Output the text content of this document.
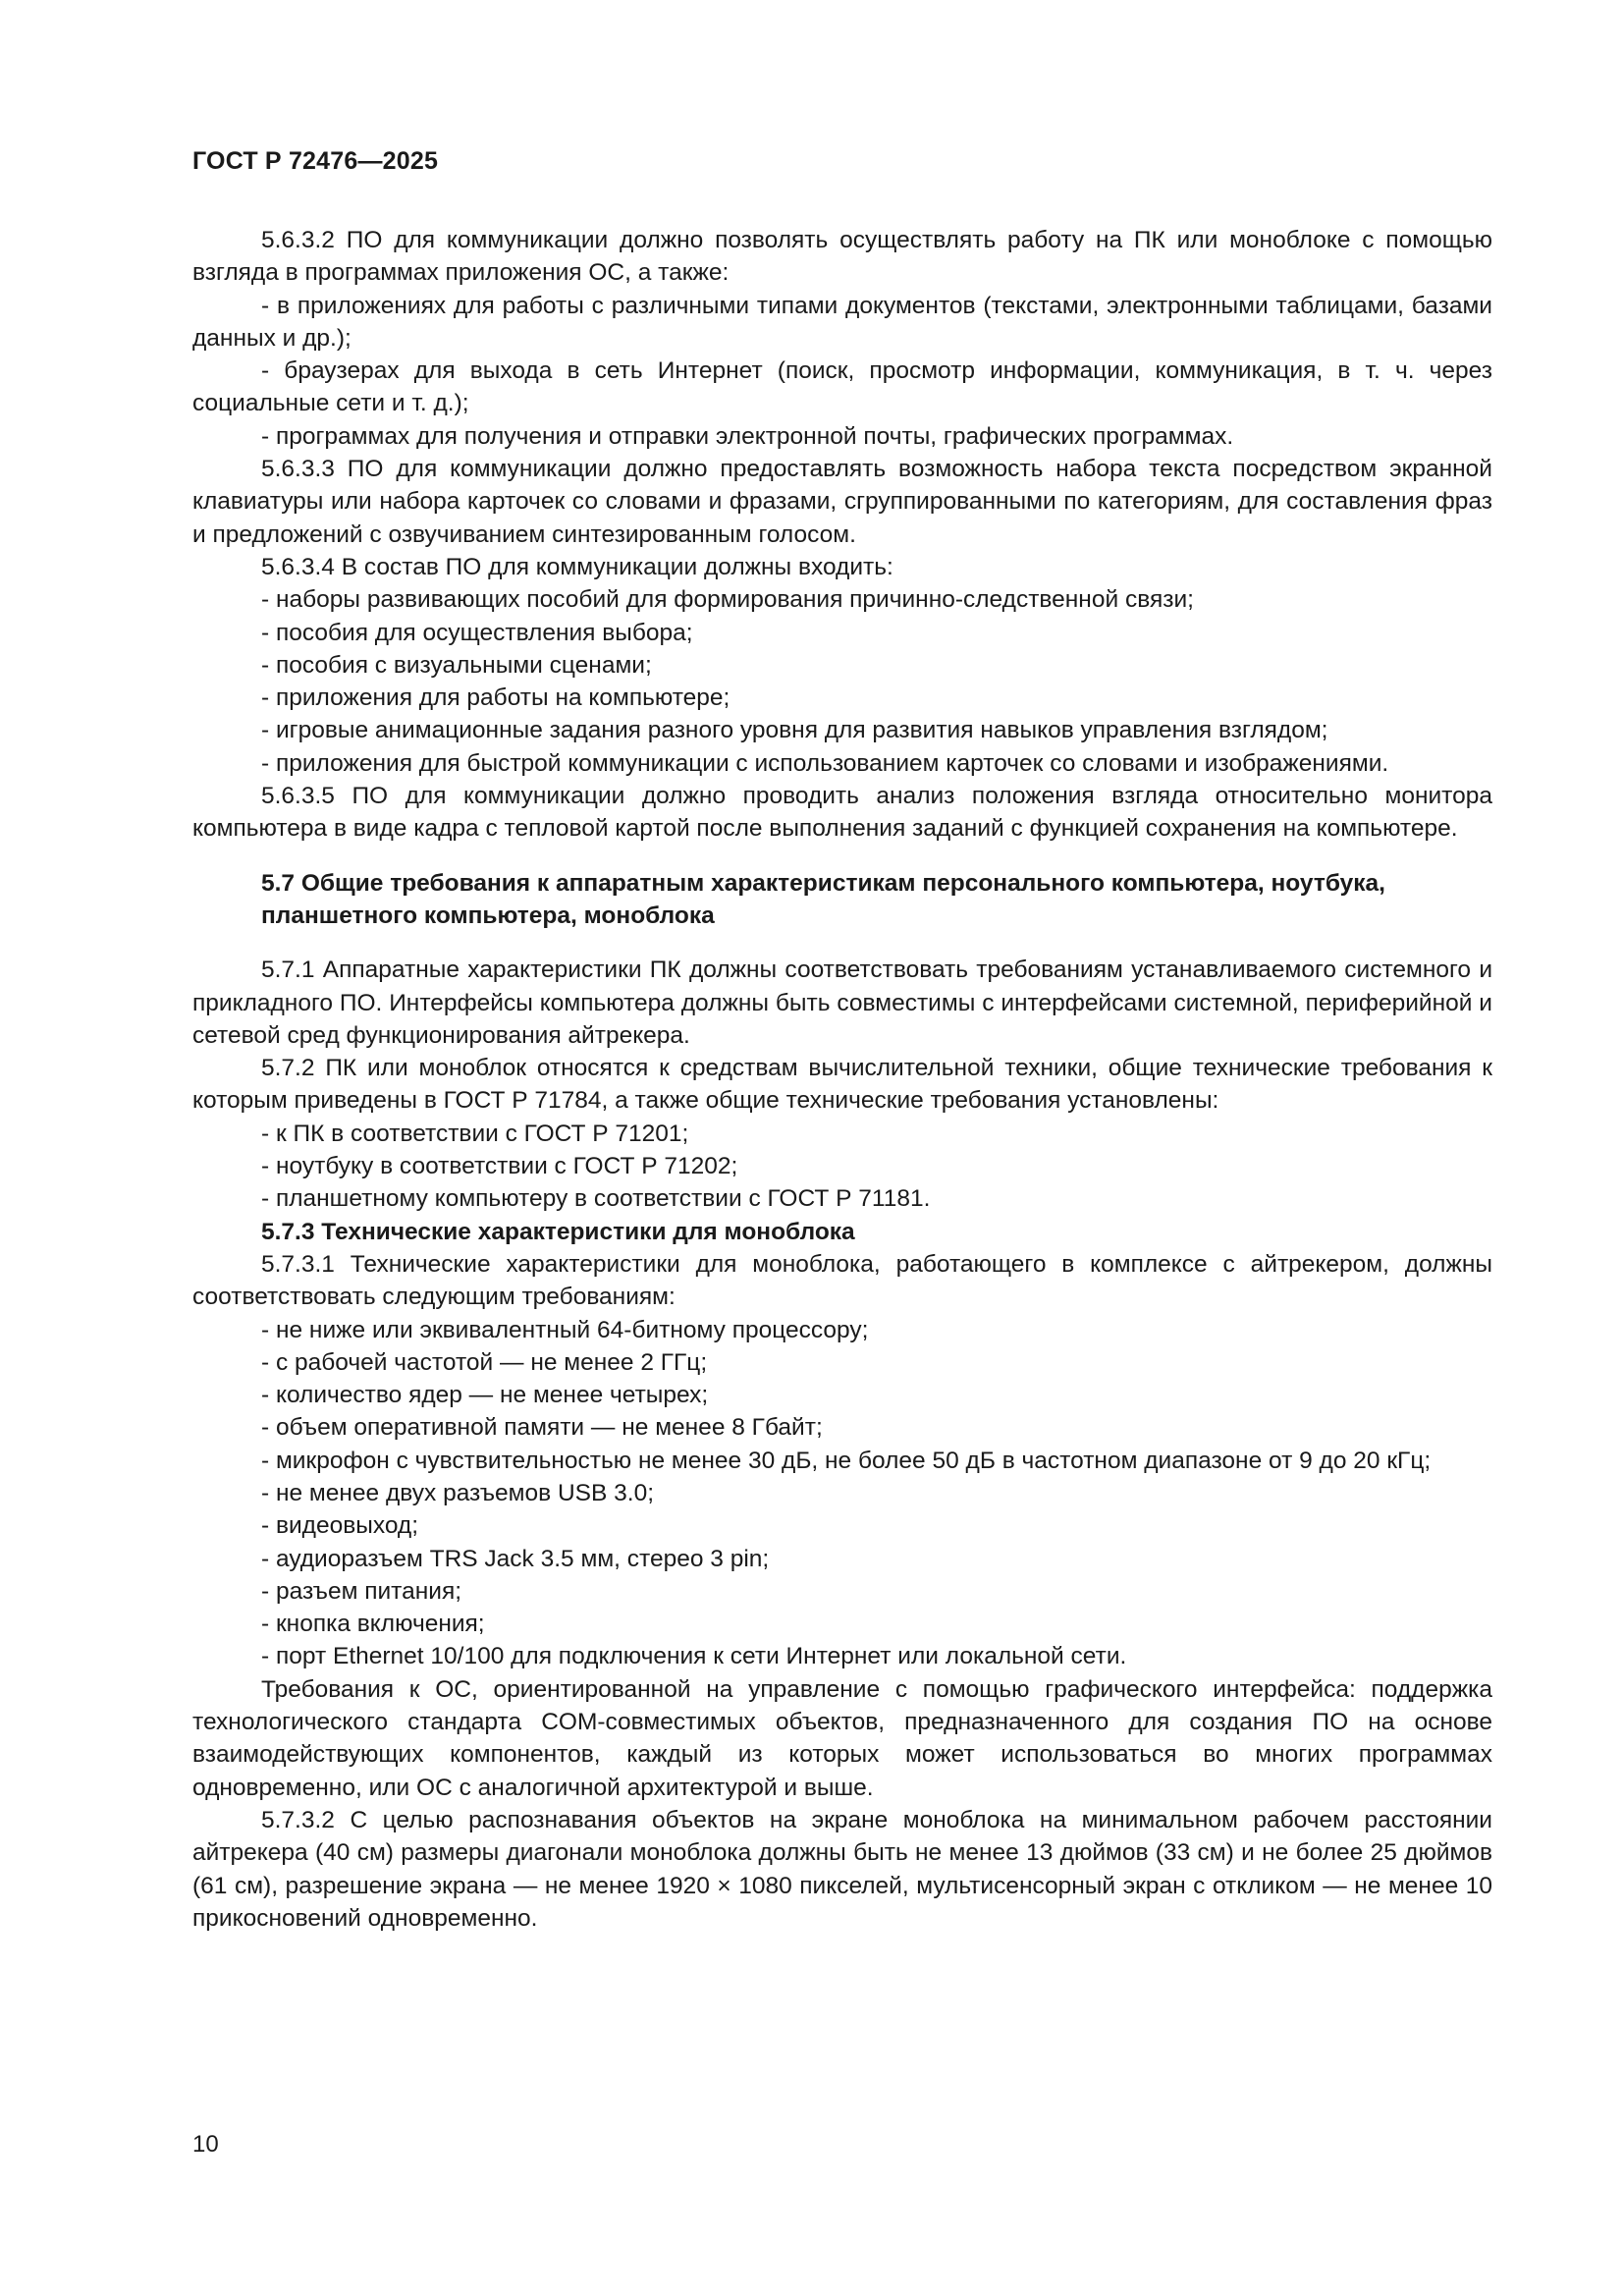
ГОСТ Р 72476—2025

5.6.3.2 ПО для коммуникации должно позволять осуществлять работу на ПК или моноблоке с помощью взгляда в программах приложения ОС, а также:

- в приложениях для работы с различными типами документов (текстами, электронными таблицами, базами данных и др.);

- браузерах для выхода в сеть Интернет (поиск, просмотр информации, коммуникация, в т. ч. через социальные сети и т. д.);

- программах для получения и отправки электронной почты, графических программах.

5.6.3.3 ПО для коммуникации должно предоставлять возможность набора текста посредством экранной клавиатуры или набора карточек со словами и фразами, сгруппированными по категориям, для составления фраз и предложений с озвучиванием синтезированным голосом.

5.6.3.4 В состав ПО для коммуникации должны входить:

- наборы развивающих пособий для формирования причинно-следственной связи;

- пособия для осуществления выбора;

- пособия с визуальными сценами;

- приложения для работы на компьютере;

- игровые анимационные задания разного уровня для развития навыков управления взглядом;

- приложения для быстрой коммуникации с использованием карточек со словами и изображениями.

5.6.3.5 ПО для коммуникации должно проводить анализ положения взгляда относительно монитора компьютера в виде кадра с тепловой картой после выполнения заданий с функцией сохранения на компьютере.

5.7 Общие требования к аппаратным характеристикам персонального компьютера, ноутбука, планшетного компьютера, моноблока

5.7.1 Аппаратные характеристики ПК должны соответствовать требованиям устанавливаемого системного и прикладного ПО. Интерфейсы компьютера должны быть совместимы с интерфейсами системной, периферийной и сетевой сред функционирования айтрекера.

5.7.2 ПК или моноблок относятся к средствам вычислительной техники, общие технические требования к которым приведены в ГОСТ Р 71784, а также общие технические требования установлены:

- к ПК в соответствии с ГОСТ Р 71201;

- ноутбуку в соответствии с ГОСТ Р 71202;

- планшетному компьютеру в соответствии с ГОСТ Р 71181.

5.7.3 Технические характеристики для моноблока

5.7.3.1 Технические характеристики для моноблока, работающего в комплексе с айтрекером, должны соответствовать следующим требованиям:

- не ниже или эквивалентный 64-битному процессору;

- с рабочей частотой — не менее 2 ГГц;

- количество ядер — не менее четырех;

- объем оперативной памяти — не менее 8 Гбайт;

- микрофон с чувствительностью не менее 30 дБ, не более 50 дБ в частотном диапазоне от 9 до 20 кГц;

- не менее двух разъемов USB 3.0;

- видеовыход;

- аудиоразъем TRS Jack 3.5 мм, стерео 3 pin;

- разъем питания;

- кнопка включения;

- порт Ethernet 10/100 для подключения к сети Интернет или локальной сети.

Требования к ОС, ориентированной на управление с помощью графического интерфейса: поддержка технологического стандарта COM-совместимых объектов, предназначенного для создания ПО на основе взаимодействующих компонентов, каждый из которых может использоваться во многих программах одновременно, или ОС с аналогичной архитектурой и выше.

5.7.3.2 С целью распознавания объектов на экране моноблока на минимальном рабочем расстоянии айтрекера (40 см) размеры диагонали моноблока должны быть не менее 13 дюймов (33 см) и не более 25 дюймов (61 см), разрешение экрана — не менее 1920 × 1080 пикселей, мультисенсорный экран с откликом — не менее 10 прикосновений одновременно.

10
